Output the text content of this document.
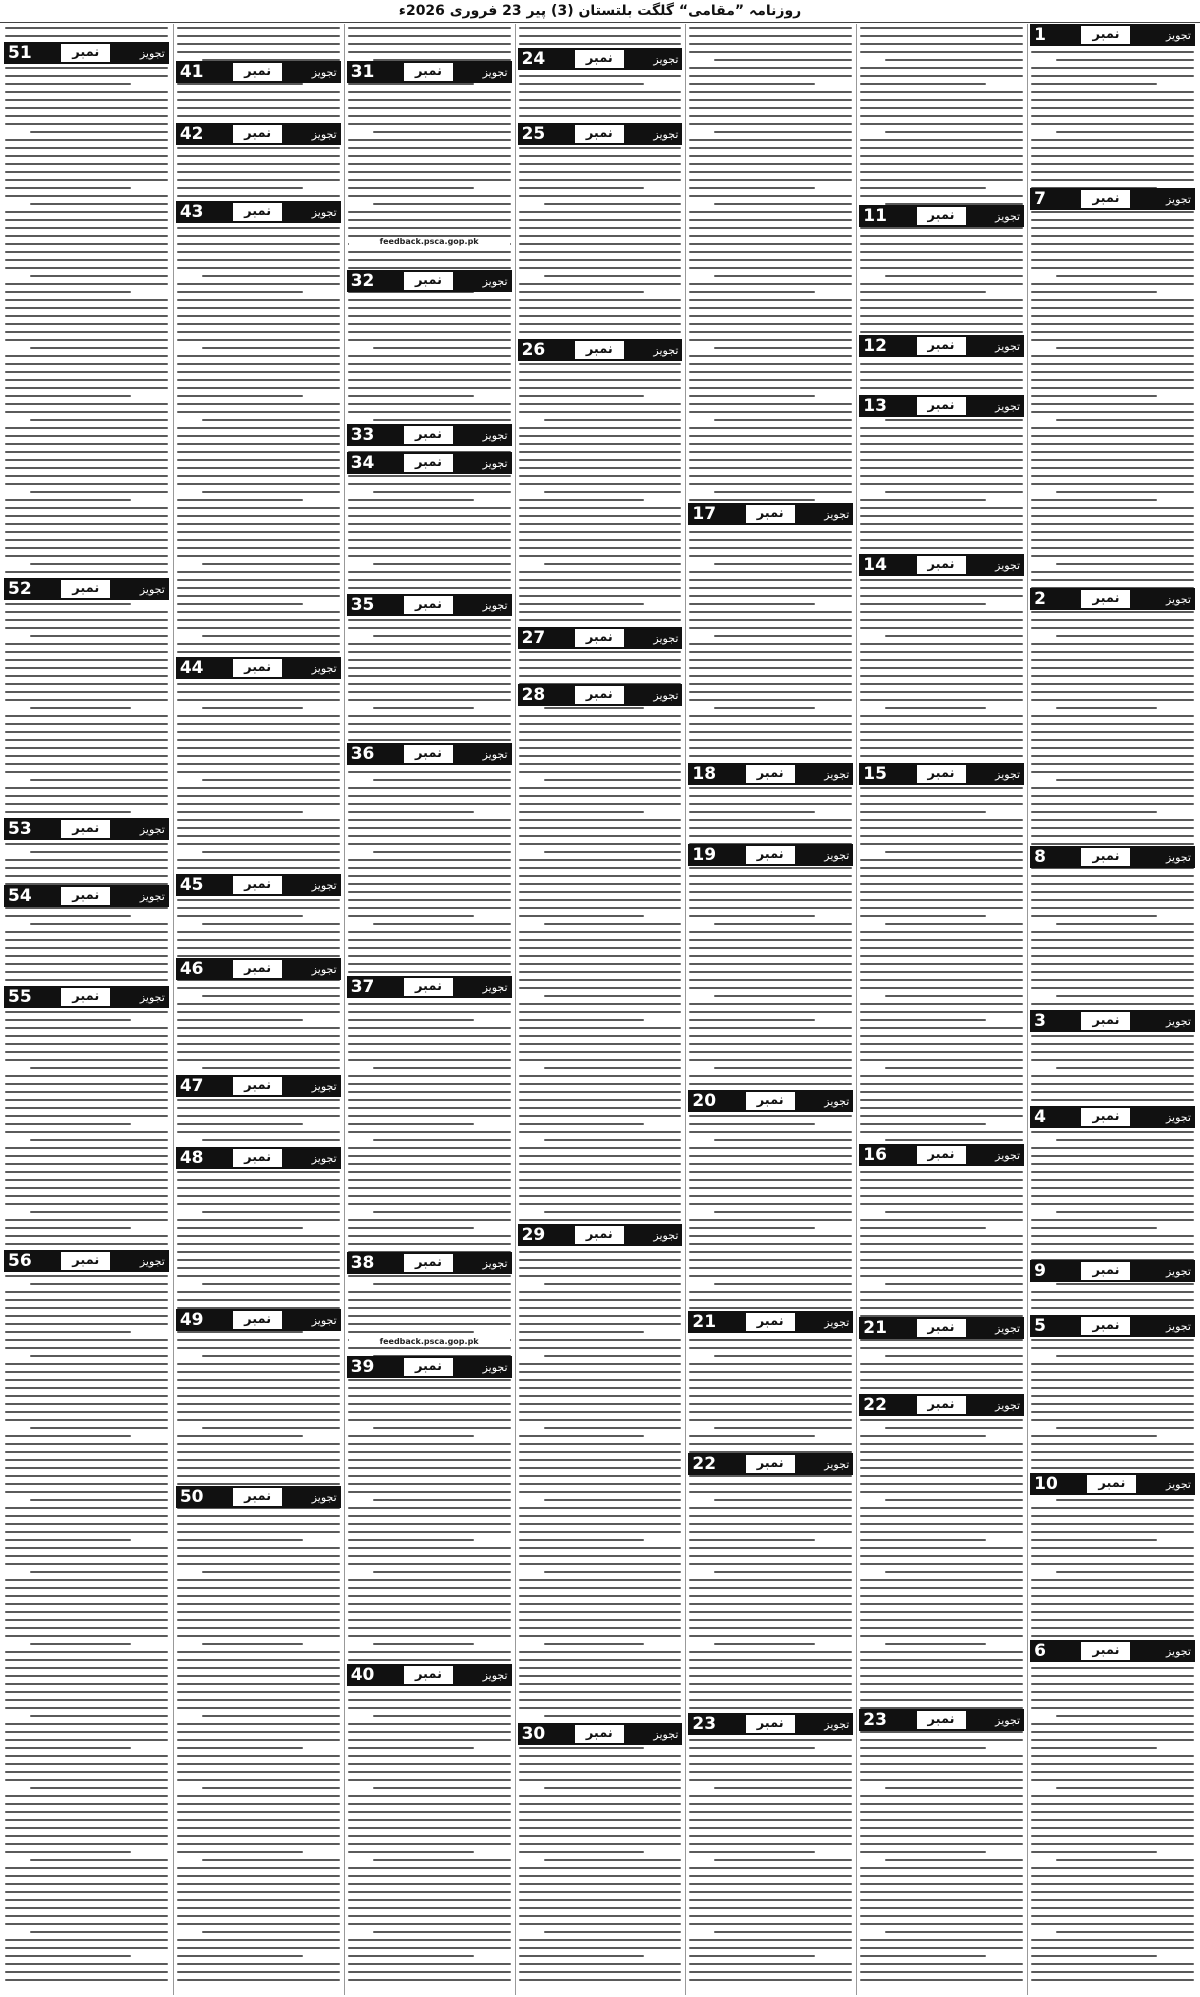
روزنامہ ”مقامی“ گلگت بلتستان (3) پیر 23 فروری 2026ء
1	نمبر	تجویز
7	نمبر	تجویز
2	نمبر	تجویز
8	نمبر	تجویز
3	نمبر	تجویز
4	نمبر	تجویز
9	نمبر	تجویز
5	نمبر	تجویز
10	نمبر	تجویز
6	نمبر	تجویز
11	نمبر	تجویز
12	نمبر	تجویز
13	نمبر	تجویز
14	نمبر	تجویز
15	نمبر	تجویز
16	نمبر	تجویز
21	نمبر	تجویز
22	نمبر	تجویز
23	نمبر	تجویز
17	نمبر	تجویز
18	نمبر	تجویز
19	نمبر	تجویز
20	نمبر	تجویز
21	نمبر	تجویز
22	نمبر	تجویز
23	نمبر	تجویز
24	نمبر	تجویز
25	نمبر	تجویز
26	نمبر	تجویز
27	نمبر	تجویز
28	نمبر	تجویز
29	نمبر	تجویز
30	نمبر	تجویز
31	نمبر	تجویز
32	نمبر	تجویز
33	نمبر	تجویز
34	نمبر	تجویز
35	نمبر	تجویز
36	نمبر	تجویز
37	نمبر	تجویز
38	نمبر	تجویز
39	نمبر	تجویز
40	نمبر	تجویز
feedback.psca.gop.pk
feedback.psca.gop.pk
41	نمبر	تجویز
42	نمبر	تجویز
43	نمبر	تجویز
44	نمبر	تجویز
45	نمبر	تجویز
46	نمبر	تجویز
47	نمبر	تجویز
48	نمبر	تجویز
49	نمبر	تجویز
50	نمبر	تجویز
51	نمبر	تجویز
52	نمبر	تجویز
53	نمبر	تجویز
54	نمبر	تجویز
55	نمبر	تجویز
56	نمبر	تجویز
